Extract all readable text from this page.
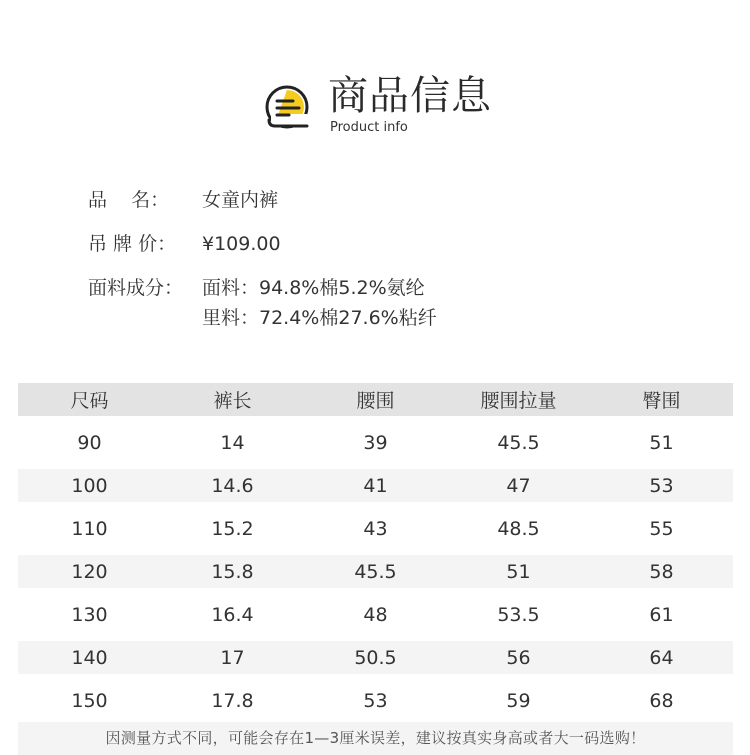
商品信息
Product info
品    名：	女童内裤
吊 牌 价：	¥109.00
面料成分： 面料：94.8%棉5.2%氨纶
里料：72.4%棉27.6%粘纤
尺码	裤长	腰围	腰围拉量	臀围
90	14	39	45.5	51
100	14.6	41	47	53
110	15.2	43	48.5	55
120	15.8	45.5	51	58
130	16.4	48	53.5	61
140	17	50.5	56	64
150	17.8	53	59	68
因测量方式不同，可能会存在1—3厘米误差，建议按真实身高或者大一码选购！
